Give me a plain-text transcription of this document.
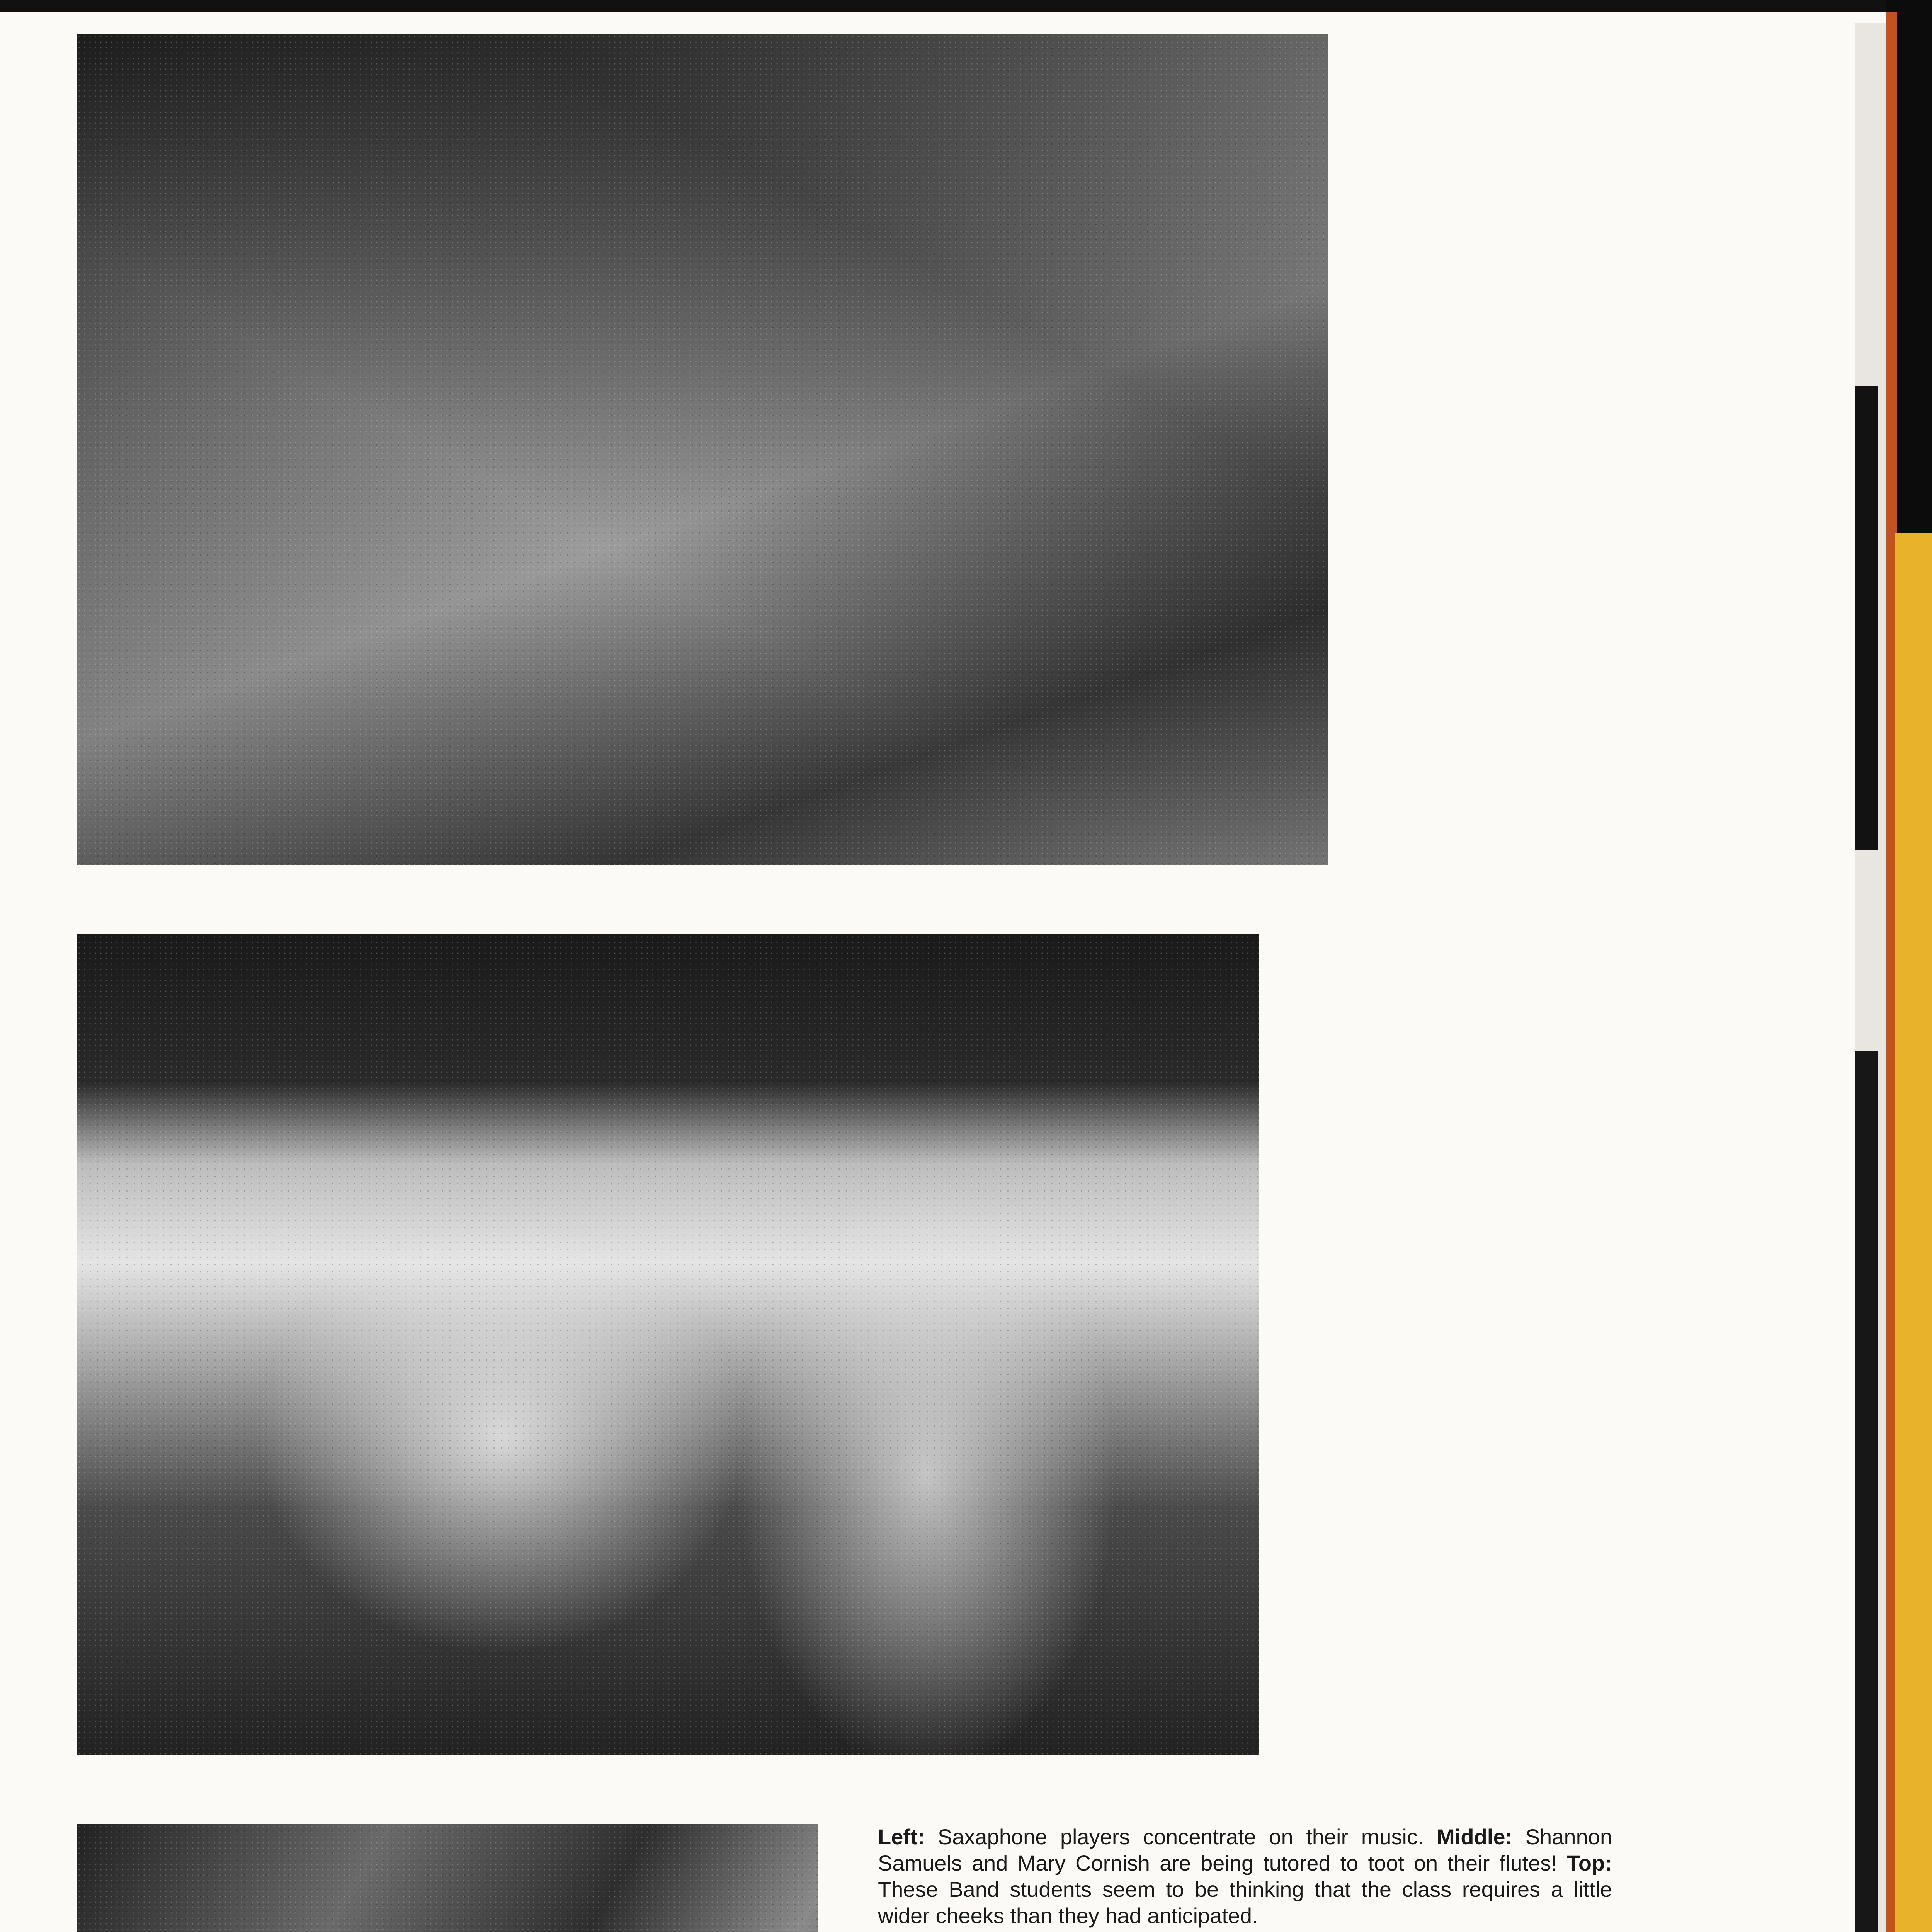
Left: Saxaphone players concentrate on their music. Middle: Shannon Samuels and Mary Cornish are being tutored to toot on their flutes! Top: These Band students seem to be thinking that the class requires a little wider cheeks than they had anticipated.
